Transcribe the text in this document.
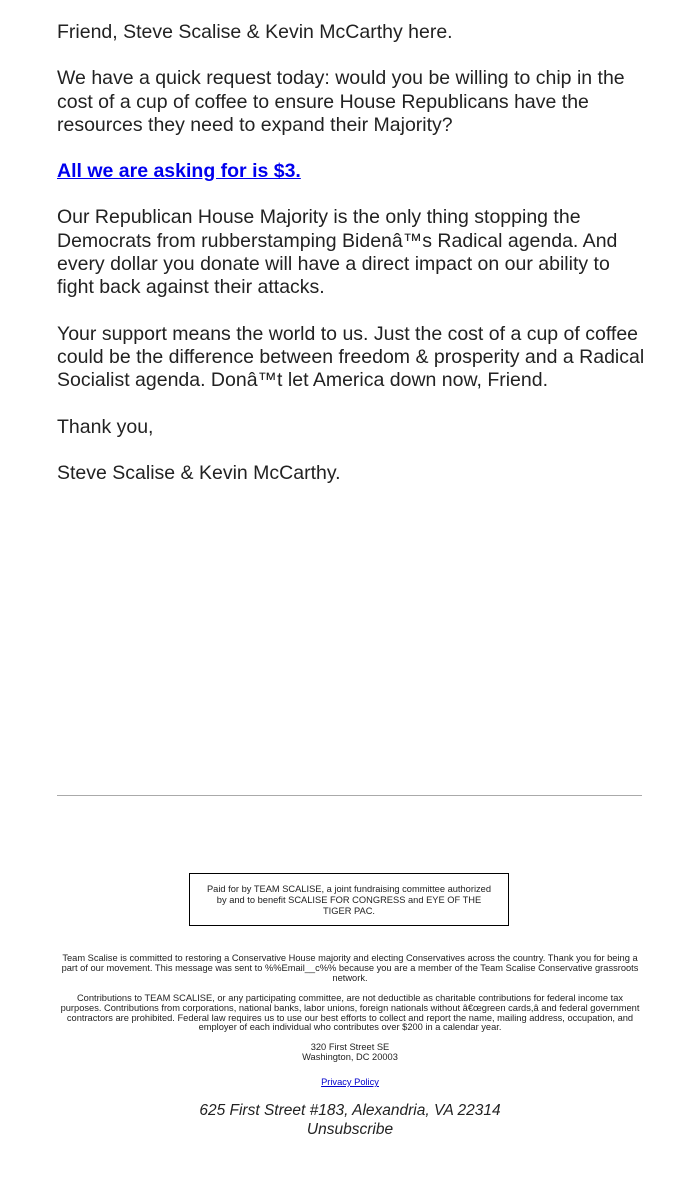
Friend, Steve Scalise & Kevin McCarthy here.

We have a quick request today: would you be willing to chip in the cost of a cup of coffee to ensure House Republicans have the resources they need to expand their Majority?

All we are asking for is $3.

Our Republican House Majority is the only thing stopping the Democrats from rubberstamping Bidenâ™s Radical agenda. And every dollar you donate will have a direct impact on our ability to fight back against their attacks.

Your support means the world to us. Just the cost of a cup of coffee could be the difference between freedom & prosperity and a Radical Socialist agenda. Donâ™t let America down now, Friend.

Thank you,

Steve Scalise & Kevin McCarthy.

Paid for by TEAM SCALISE, a joint fundraising committee authorized by and to benefit SCALISE FOR CONGRESS and EYE OF THE TIGER PAC.
Team Scalise is committed to restoring a Conservative House majority and electing Conservatives across the country. Thank you for being a part of our movement. This message was sent to %%Email__c%% because you are a member of the Team Scalise Conservative grassroots network.
Contributions to TEAM SCALISE, or any participating committee, are not deductible as charitable contributions for federal income tax purposes. Contributions from corporations, national banks, labor unions, foreign nationals without â€œgreen cards,â and federal government contractors are prohibited. Federal law requires us to use our best efforts to collect and report the name, mailing address, occupation, and employer of each individual who contributes over $200 in a calendar year.
320 First Street SE
Washington, DC 20003
Privacy Policy
625 First Street #183, Alexandria, VA 22314
Unsubscribe
